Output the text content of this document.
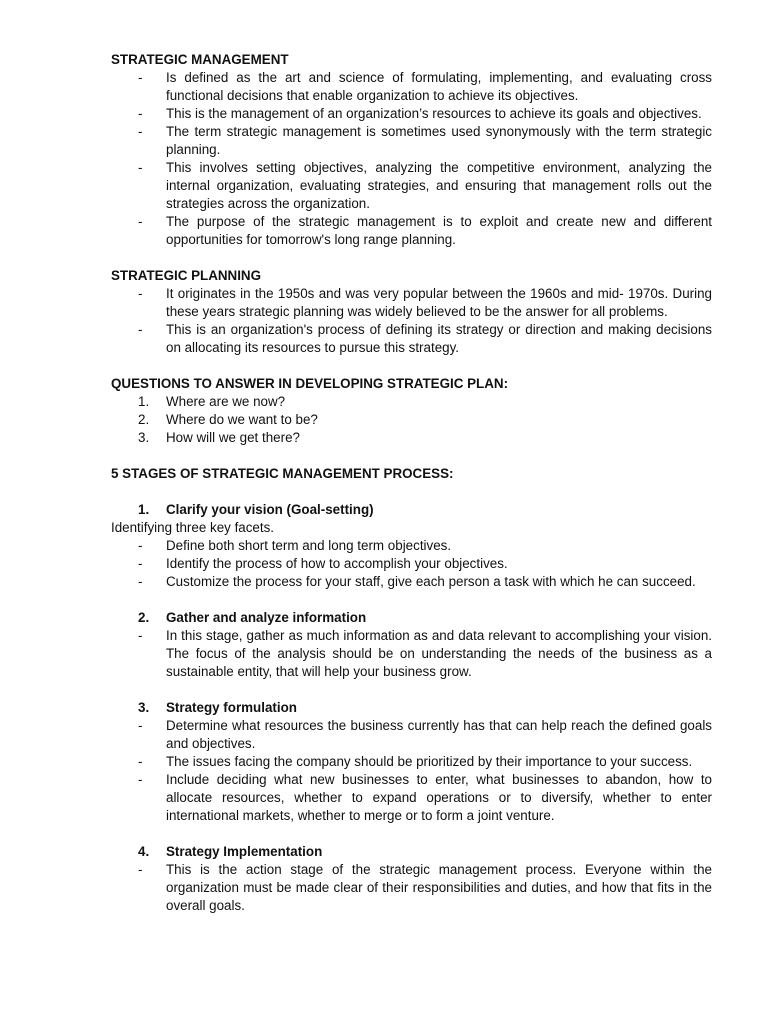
STRATEGIC MANAGEMENT

- Is defined as the art and science of formulating, implementing, and evaluating cross functional decisions that enable organization to achieve its objectives.
- This is the management of an organization’s resources to achieve its goals and objectives.
- The term strategic management is sometimes used synonymously with the term strategic planning.
- This involves setting objectives, analyzing the competitive environment, analyzing the internal organization, evaluating strategies, and ensuring that management rolls out the strategies across the organization.
- The purpose of the strategic management is to exploit and create new and different opportunities for tomorrow's long range planning.

STRATEGIC PLANNING

- It originates in the 1950s and was very popular between the 1960s and mid- 1970s. During these years strategic planning was widely believed to be the answer for all problems.
- This is an organization's process of defining its strategy or direction and making decisions on allocating its resources to pursue this strategy.

QUESTIONS TO ANSWER IN DEVELOPING STRATEGIC PLAN:

1. Where are we now?
2. Where do we want to be?
3. How will we get there?

5 STAGES OF STRATEGIC MANAGEMENT PROCESS:

1. Clarify your vision (Goal-setting)

Identifying three key facets.

- Define both short term and long term objectives.
- Identify the process of how to accomplish your objectives.
- Customize the process for your staff, give each person a task with which he can succeed.

2. Gather and analyze information

- In this stage, gather as much information as and data relevant to accomplishing your vision. The focus of the analysis should be on understanding the needs of the business as a sustainable entity, that will help your business grow.

3. Strategy formulation

- Determine what resources the business currently has that can help reach the defined goals and objectives.
- The issues facing the company should be prioritized by their importance to your success.
- Include deciding what new businesses to enter, what businesses to abandon, how to allocate resources, whether to expand operations or to diversify, whether to enter international markets, whether to merge or to form a joint venture.

4. Strategy Implementation

- This is the action stage of the strategic management process. Everyone within the organization must be made clear of their responsibilities and duties, and how that fits in the overall goals.
